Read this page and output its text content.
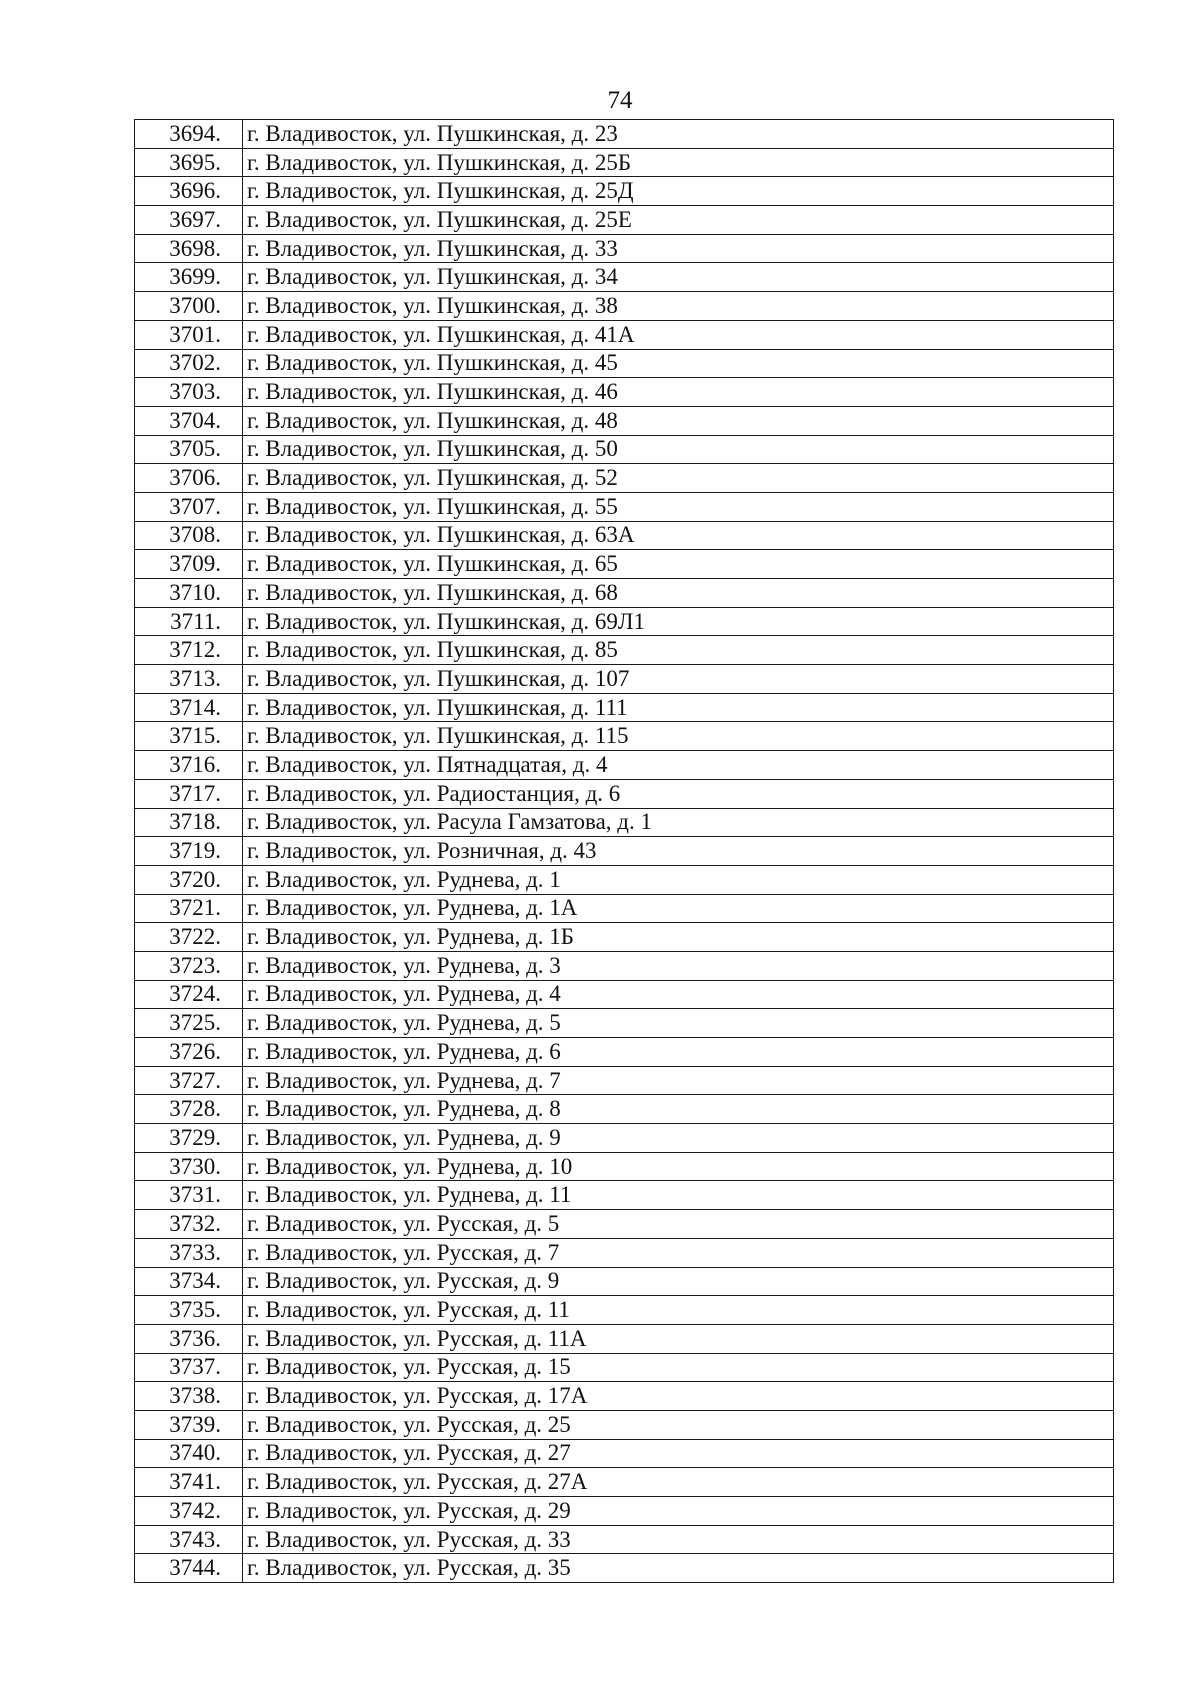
74
3694.	г. Владивосток, ул. Пушкинская, д. 23
3695.	г. Владивосток, ул. Пушкинская, д. 25Б
3696.	г. Владивосток, ул. Пушкинская, д. 25Д
3697.	г. Владивосток, ул. Пушкинская, д. 25Е
3698.	г. Владивосток, ул. Пушкинская, д. 33
3699.	г. Владивосток, ул. Пушкинская, д. 34
3700.	г. Владивосток, ул. Пушкинская, д. 38
3701.	г. Владивосток, ул. Пушкинская, д. 41А
3702.	г. Владивосток, ул. Пушкинская, д. 45
3703.	г. Владивосток, ул. Пушкинская, д. 46
3704.	г. Владивосток, ул. Пушкинская, д. 48
3705.	г. Владивосток, ул. Пушкинская, д. 50
3706.	г. Владивосток, ул. Пушкинская, д. 52
3707.	г. Владивосток, ул. Пушкинская, д. 55
3708.	г. Владивосток, ул. Пушкинская, д. 63А
3709.	г. Владивосток, ул. Пушкинская, д. 65
3710.	г. Владивосток, ул. Пушкинская, д. 68
3711.	г. Владивосток, ул. Пушкинская, д. 69Л1
3712.	г. Владивосток, ул. Пушкинская, д. 85
3713.	г. Владивосток, ул. Пушкинская, д. 107
3714.	г. Владивосток, ул. Пушкинская, д. 111
3715.	г. Владивосток, ул. Пушкинская, д. 115
3716.	г. Владивосток, ул. Пятнадцатая, д. 4
3717.	г. Владивосток, ул. Радиостанция, д. 6
3718.	г. Владивосток, ул. Расула Гамзатова, д. 1
3719.	г. Владивосток, ул. Розничная, д. 43
3720.	г. Владивосток, ул. Руднева, д. 1
3721.	г. Владивосток, ул. Руднева, д. 1А
3722.	г. Владивосток, ул. Руднева, д. 1Б
3723.	г. Владивосток, ул. Руднева, д. 3
3724.	г. Владивосток, ул. Руднева, д. 4
3725.	г. Владивосток, ул. Руднева, д. 5
3726.	г. Владивосток, ул. Руднева, д. 6
3727.	г. Владивосток, ул. Руднева, д. 7
3728.	г. Владивосток, ул. Руднева, д. 8
3729.	г. Владивосток, ул. Руднева, д. 9
3730.	г. Владивосток, ул. Руднева, д. 10
3731.	г. Владивосток, ул. Руднева, д. 11
3732.	г. Владивосток, ул. Русская, д. 5
3733.	г. Владивосток, ул. Русская, д. 7
3734.	г. Владивосток, ул. Русская, д. 9
3735.	г. Владивосток, ул. Русская, д. 11
3736.	г. Владивосток, ул. Русская, д. 11А
3737.	г. Владивосток, ул. Русская, д. 15
3738.	г. Владивосток, ул. Русская, д. 17А
3739.	г. Владивосток, ул. Русская, д. 25
3740.	г. Владивосток, ул. Русская, д. 27
3741.	г. Владивосток, ул. Русская, д. 27А
3742.	г. Владивосток, ул. Русская, д. 29
3743.	г. Владивосток, ул. Русская, д. 33
3744.	г. Владивосток, ул. Русская, д. 35
